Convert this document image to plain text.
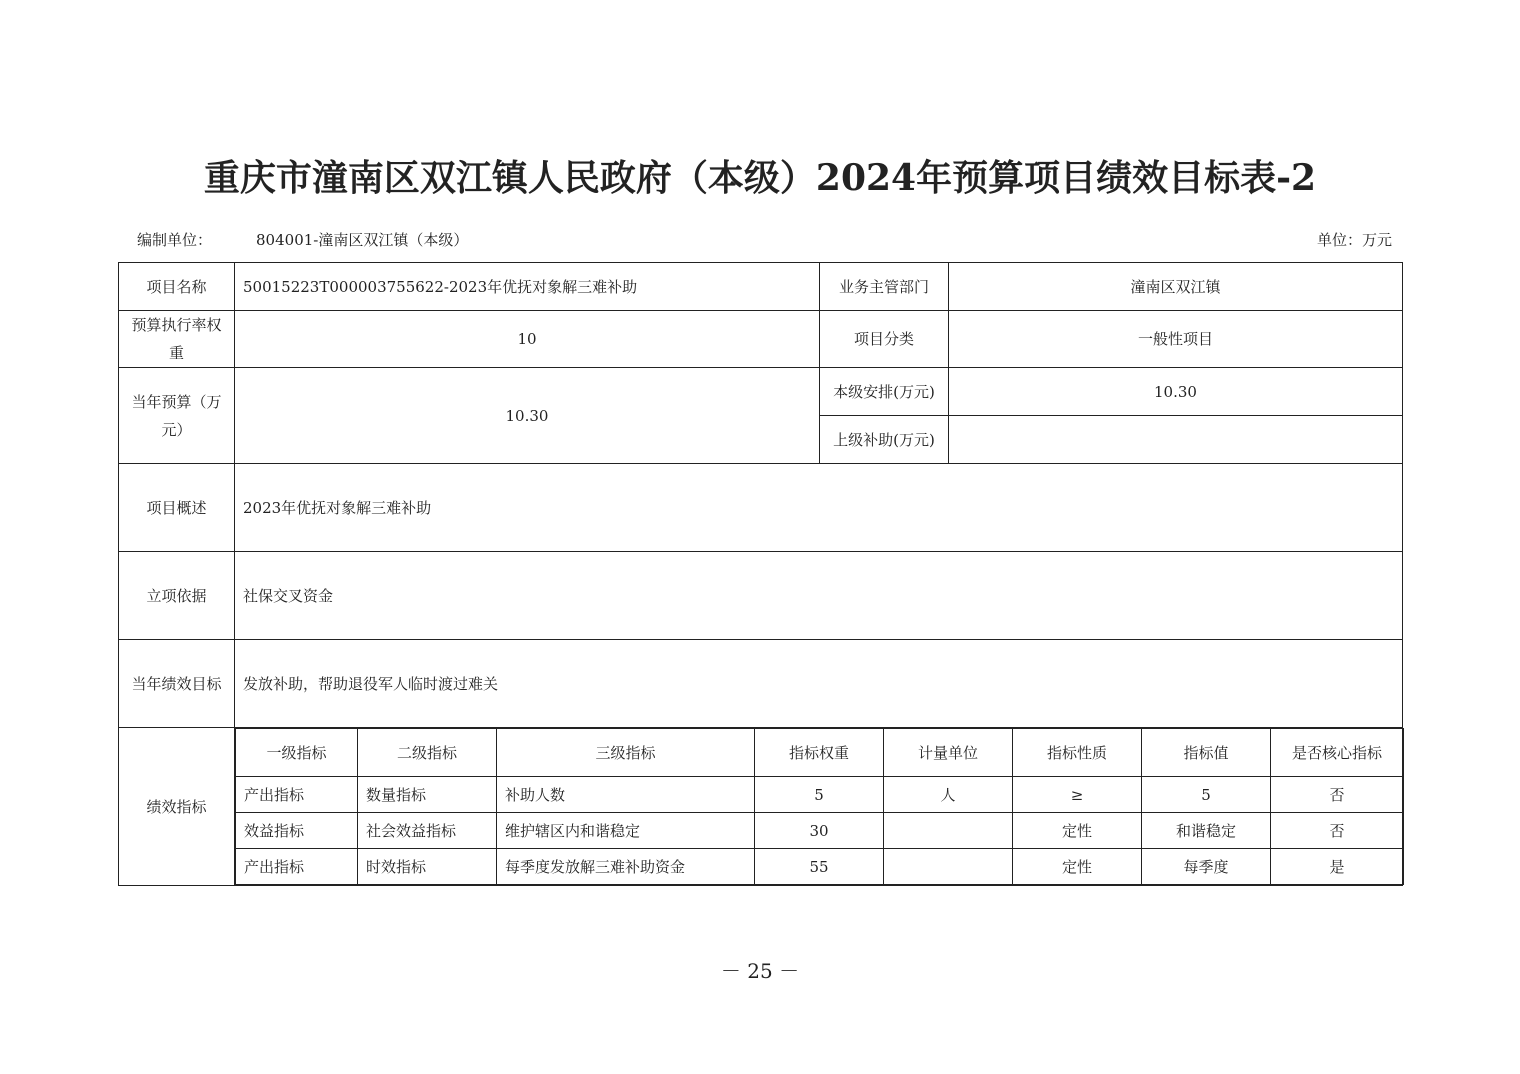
重庆市潼南区双江镇人民政府（本级）2024年预算项目绩效目标表-2
编制单位：	804001-潼南区双江镇（本级）	单位：万元
项目名称	50015223T000003755622-2023年优抚对象解三难补助	业务主管部门	潼南区双江镇
预算执行率权重	10	项目分类	一般性项目
当年预算（万元）	10.30	本级安排(万元)	10.30
上级补助(万元)	
项目概述	2023年优抚对象解三难补助
立项依据	社保交叉资金
当年绩效目标	发放补助，帮助退役军人临时渡过难关
绩效指标	
一级指标	二级指标	三级指标	指标权重	计量单位	指标性质	指标值	是否核心指标
产出指标	数量指标	补助人数	5	人	≥	5	否
效益指标	社会效益指标	维护辖区内和谐稳定	30		定性	和谐稳定	否
产出指标	时效指标	每季度发放解三难补助资金	55		定性	每季度	是
－ 25 －
